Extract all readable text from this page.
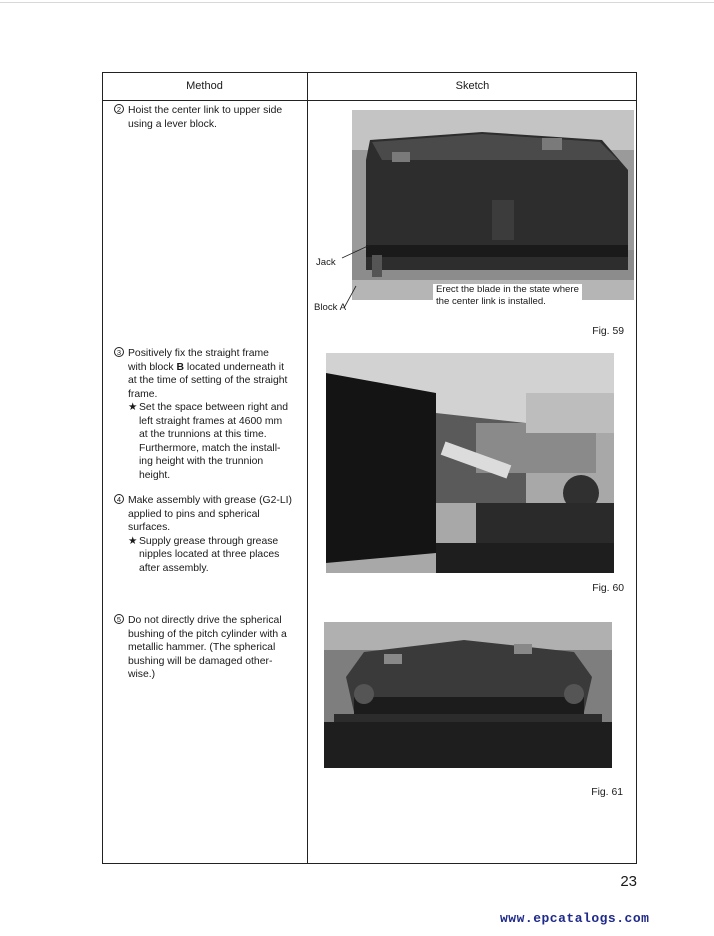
Method	Sketch
2 Hoist the center link to upper side
using a lever block.
3 Positively fix the straight frame
with block B located underneath it
at the time of setting of the straight
frame.
★ Set the space between right and
left straight frames at 4600 mm
at the trunnions at this time.
Furthermore, match the install-
ing height with the trunnion
height.
4 Make assembly with grease (G2-LI)
applied to pins and spherical
surfaces.
★ Supply grease through grease
nipples located at three places
after assembly.
5 Do not directly drive the spherical
bushing of the pitch cylinder with a
metallic hammer. (The spherical
bushing will be damaged other-
wise.)
Jack
Block A
Erect the blade in the state where
the center link is installed.
Fig. 59
Fig. 60
Fig. 61
23
www.epcatalogs.com
